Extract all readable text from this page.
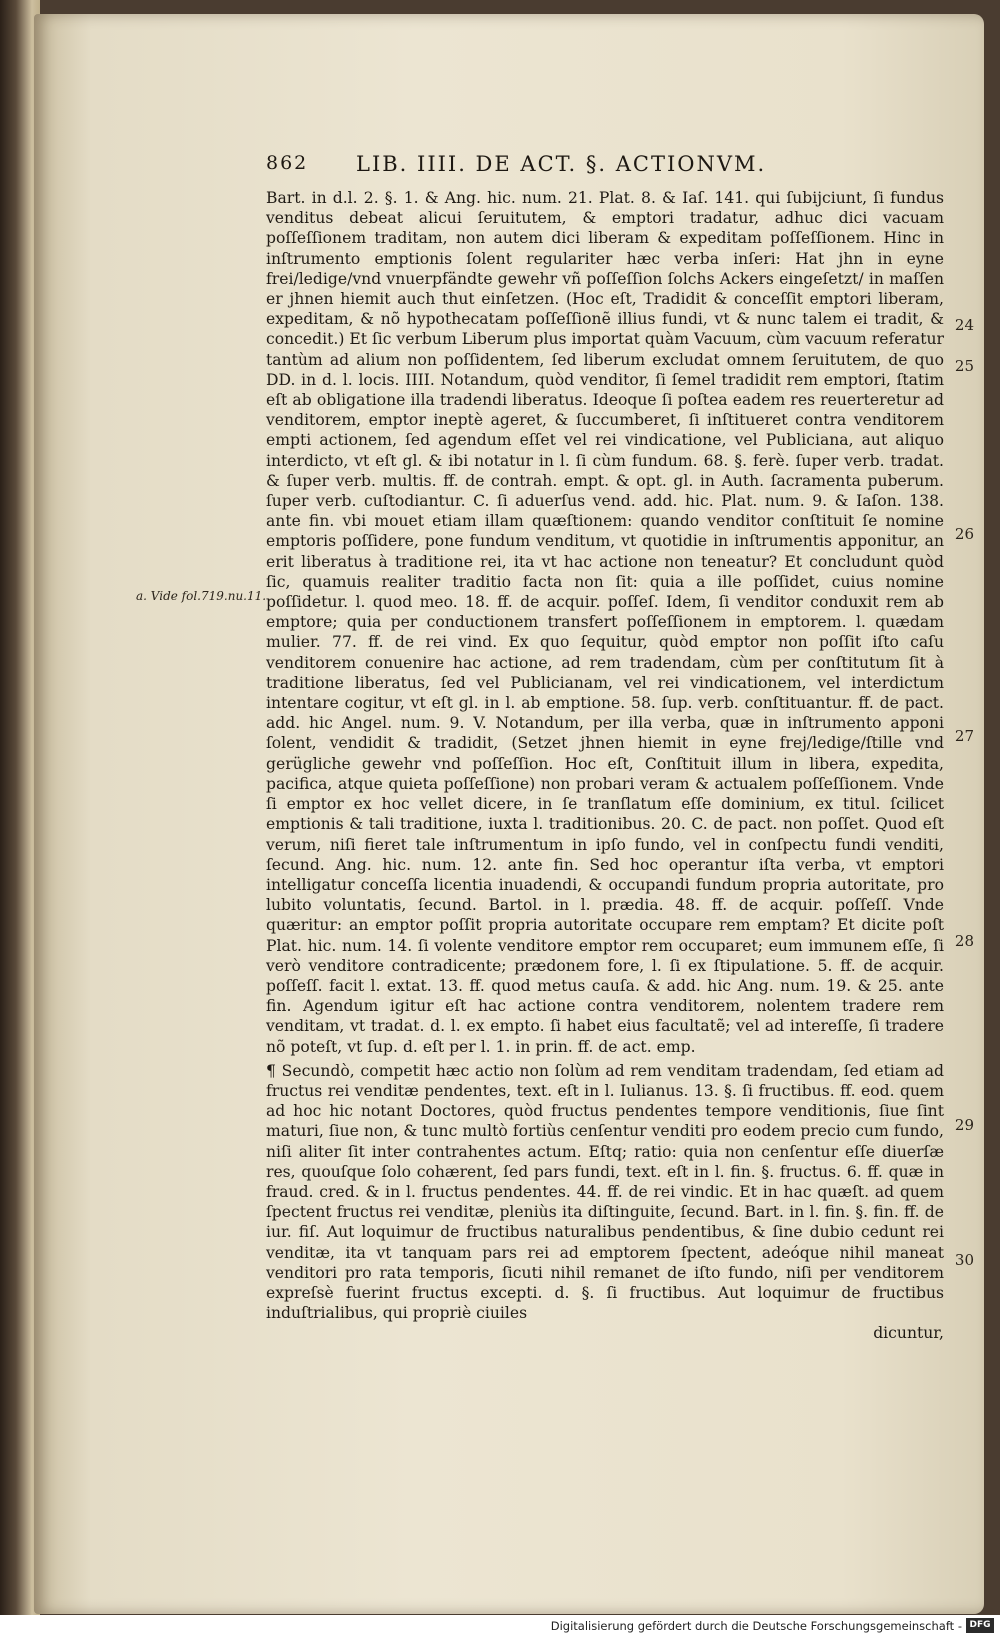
862 LIB. IIII. DE ACT. §. ACTIONVM.
a. Vide fol.719.nu.11.
24
25
26
27
28
29
30

Bart. in d.l. 2. §. 1. & Ang. hic. num. 21. Plat. 8. & Iaſ. 141. qui ſubijciunt, ſi fundus venditus debeat alicui ſeruitutem, & emptori tradatur, adhuc dici vacuam poſſeſſionem traditam, non autem dici liberam & expeditam poſſeſſionem. Hinc in inſtrumento emptionis ſolent regulariter hæc verba inſeri: Hat jhn in eyne frei/ledige/vnd vnuerpfändte gewehr vñ poſſeſſion ſolchs Ackers eingeſetzt/ in maſſen er jhnen hiemit auch thut einſetzen. (Hoc eſt, Tradidit & conceſſit emptori liberam, expeditam, & nõ hypothecatam poſſeſſionẽ illius fundi, vt & nunc talem ei tradit, & concedit.) Et ſic verbum Liberum plus importat quàm Vacuum, cùm vacuum referatur tantùm ad alium non poſſidentem, ſed liberum excludat omnem ſeruitutem, de quo DD. in d. l. locis. IIII. Notandum, quòd venditor, ſi ſemel tradidit rem emptori, ſtatim eſt ab obligatione illa tradendi liberatus. Ideoque ſi poſtea eadem res reuerteretur ad venditorem, emptor ineptè ageret, & ſuccumberet, ſi inſtitueret contra venditorem empti actionem, ſed agendum eſſet vel rei vindicatione, vel Publiciana, aut aliquo interdicto, vt eſt gl. & ibi notatur in l. ſi cùm fundum. 68. §. ferè. ſuper verb. tradat. & ſuper verb. multis. ff. de contrah. empt. & opt. gl. in Auth. ſacramenta puberum. ſuper verb. cuſtodiantur. C. ſi aduerſus vend. add. hic. Plat. num. 9. & Iaſon. 138. ante fin. vbi mouet etiam illam quæſtionem: quando venditor conſtituit ſe nomine emptoris poſſidere, pone fundum venditum, vt quotidie in inſtrumentis apponitur, an erit liberatus à traditione rei, ita vt hac actione non teneatur? Et concludunt quòd ſic, quamuis realiter traditio facta non ſit: quia a ille poſſidet, cuius nomine poſſidetur. l. quod meo. 18. ff. de acquir. poſſeſ. Idem, ſi venditor conduxit rem ab emptore; quia per conductionem transfert poſſeſſionem in emptorem. l. quædam mulier. 77. ff. de rei vind. Ex quo ſequitur, quòd emptor non poſſit iſto caſu venditorem conuenire hac actione, ad rem tradendam, cùm per conſtitutum ſit à traditione liberatus, ſed vel Publicianam, vel rei vindicationem, vel interdictum intentare cogitur, vt eſt gl. in l. ab emptione. 58. ſup. verb. conſtituantur. ff. de pact. add. hic Angel. num. 9. V. Notandum, per illa verba, quæ in inſtrumento apponi ſolent, vendidit & tradidit, (Setzet jhnen hiemit in eyne frej/ledige/ſtille vnd gerügliche gewehr vnd poſſeſſion. Hoc eſt, Conſtituit illum in libera, expedita, pacifica, atque quieta poſſeſſione) non probari veram & actualem poſſeſſionem. Vnde ſi emptor ex hoc vellet dicere, in ſe tranſlatum eſſe dominium, ex titul. ſcilicet emptionis & tali traditione, iuxta l. traditionibus. 20. C. de pact. non poſſet. Quod eſt verum, niſi fieret tale inſtrumentum in ipſo fundo, vel in conſpectu fundi venditi, ſecund. Ang. hic. num. 12. ante fin. Sed hoc operantur iſta verba, vt emptori intelligatur conceſſa licentia inuadendi, & occupandi fundum propria autoritate, pro lubito voluntatis, ſecund. Bartol. in l. prædia. 48. ff. de acquir. poſſeſſ. Vnde quæritur: an emptor poſſit propria autoritate occupare rem emptam? Et dicite poſt Plat. hic. num. 14. ſi volente venditore emptor rem occuparet; eum immunem eſſe, ſi verò venditore contradicente; prædonem fore, l. ſi ex ſtipulatione. 5. ff. de acquir. poſſeſſ. facit l. extat. 13. ff. quod metus cauſa. & add. hic Ang. num. 19. & 25. ante fin. Agendum igitur eſt hac actione contra venditorem, nolentem tradere rem venditam, vt tradat. d. l. ex empto. ſi habet eius facultatẽ; vel ad intereſſe, ſi tradere nõ poteſt, vt ſup. d. eſt per l. 1. in prin. ff. de act. emp.

¶ Secundò, competit hæc actio non ſolùm ad rem venditam tradendam, ſed etiam ad fructus rei venditæ pendentes, text. eſt in l. Iulianus. 13. §. ſi fructibus. ff. eod. quem ad hoc hic notant Doctores, quòd fructus pendentes tempore venditionis, ſiue ſint maturi, ſiue non, & tunc multò fortiùs cenſentur venditi pro eodem precio cum fundo, niſi aliter ſit inter contrahentes actum. Eſtq; ratio: quia non cenſentur eſſe diuerſæ res, quouſque ſolo cohærent, ſed pars fundi, text. eſt in l. fin. §. fructus. 6. ff. quæ in fraud. cred. & in l. fructus pendentes. 44. ff. de rei vindic. Et in hac quæſt. ad quem ſpectent fructus rei venditæ, pleniùs ita diſtinguite, ſecund. Bart. in l. fin. §. fin. ff. de iur. fiſ. Aut loquimur de fructibus naturalibus pendentibus, & ſine dubio cedunt rei venditæ, ita vt tanquam pars rei ad emptorem ſpectent, adeóque nihil maneat venditori pro rata temporis, ſicuti nihil remanet de iſto fundo, niſi per venditorem expreſsè fuerint fructus excepti. d. §. ſi fructibus. Aut loquimur de fructibus induſtrialibus, qui propriè ciuiles

dicuntur,

Digitalisierung gefördert durch die Deutsche Forschungsgemeinschaft - DFG
